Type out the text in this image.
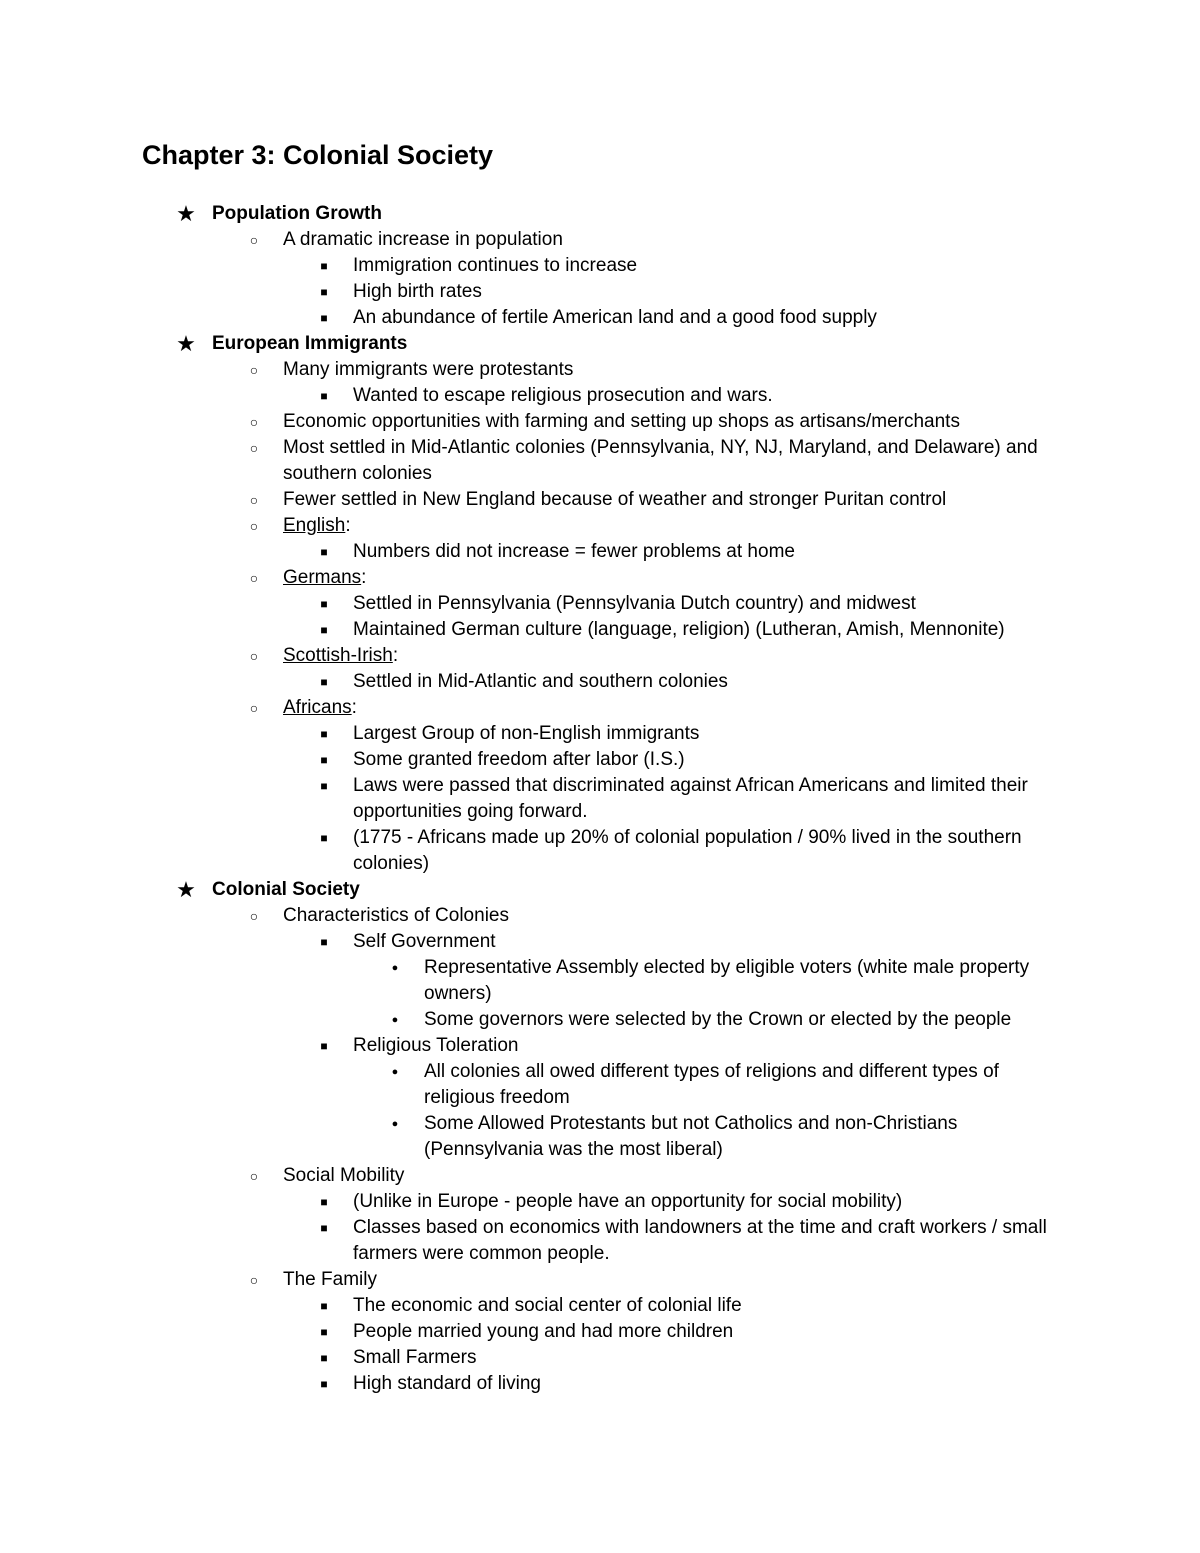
Chapter 3: Colonial Society
★ Population Growth
○	A dramatic increase in population
■	Immigration continues to increase
■	High birth rates
■	An abundance of fertile American land and a good food supply
★ European Immigrants
○	Many immigrants were protestants
■	Wanted to escape religious prosecution and wars.
○	Economic opportunities with farming and setting up shops as artisans/merchants
○	Most settled in Mid-Atlantic colonies (Pennsylvania, NY, NJ, Maryland, and Delaware) and southern colonies
○	Fewer settled in New England because of weather and stronger Puritan control
○	English:
■	Numbers did not increase = fewer problems at home
○	Germans:
■	Settled in Pennsylvania (Pennsylvania Dutch country) and midwest
■	Maintained German culture (language, religion) (Lutheran, Amish, Mennonite)
○	Scottish-Irish:
■	Settled in Mid-Atlantic and southern colonies
○	Africans:
■	Largest Group of non-English immigrants
■	Some granted freedom after labor (I.S.)
■	Laws were passed that discriminated against African Americans and limited their opportunities going forward.
■	(1775 - Africans made up 20% of colonial population / 90% lived in the southern colonies)
★ Colonial Society
○	Characteristics of Colonies
■	Self Government
●	Representative Assembly elected by eligible voters (white male property owners)
●	Some governors were selected by the Crown or elected by the people
■	Religious Toleration
●	All colonies all owed different types of religions and different types of religious freedom
●	Some Allowed Protestants but not Catholics and non-Christians (Pennsylvania was the most liberal)
○	Social Mobility
■	(Unlike in Europe - people have an opportunity for social mobility)
■	Classes based on economics with landowners at the time and craft workers / small farmers were common people.
○	The Family
■	The economic and social center of colonial life
■	People married young and had more children
■	Small Farmers
■	High standard of living
